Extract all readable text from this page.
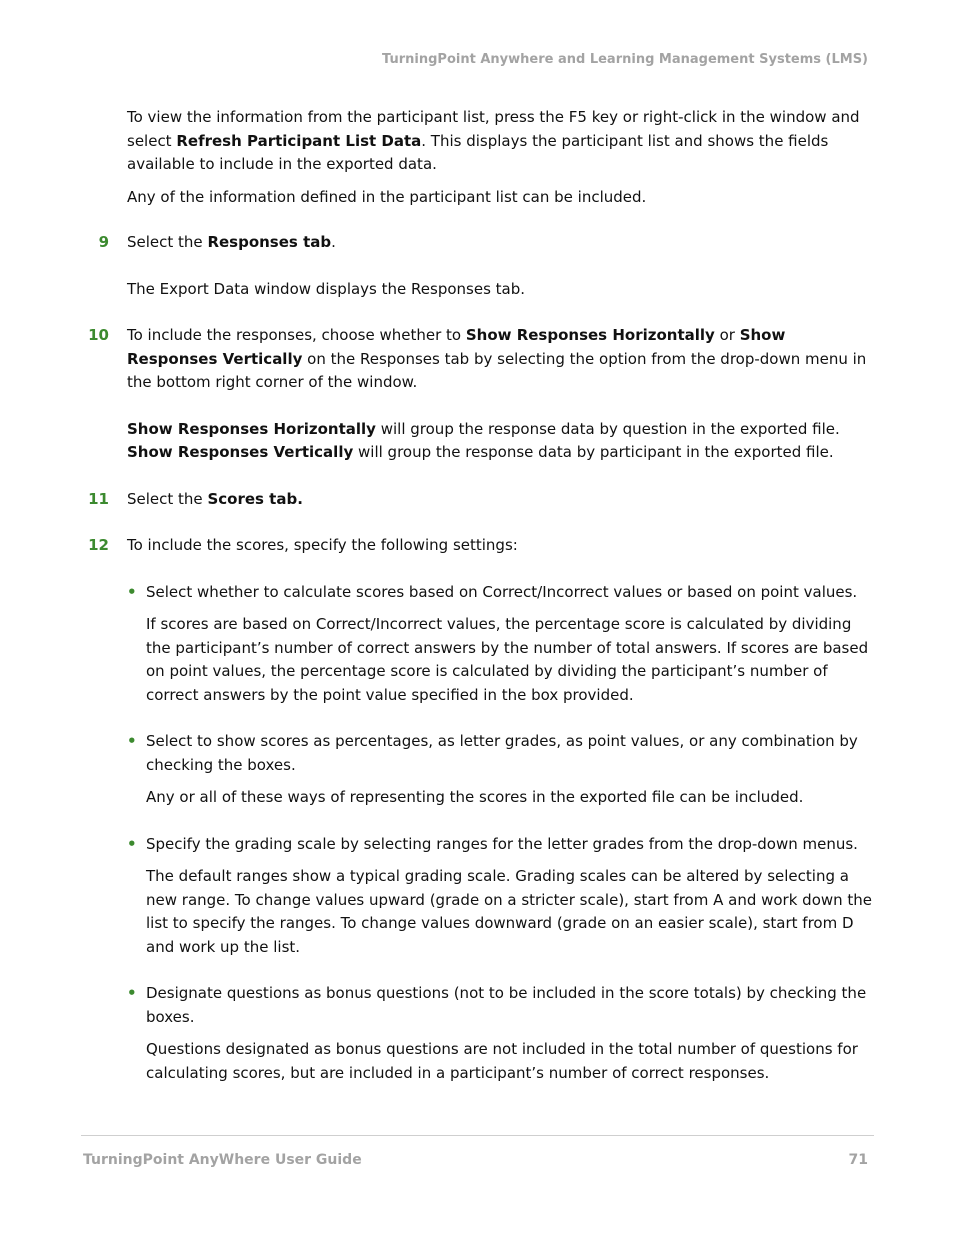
TurningPoint Anywhere and Learning Management Systems (LMS)

To view the information from the participant list, press the F5 key or right-click in the window and select Refresh Participant List Data. This displays the participant list and shows the fields available to include in the exported data.

Any of the information defined in the participant list can be included.

9 Select the Responses tab.

The Export Data window displays the Responses tab.

10 To include the responses, choose whether to Show Responses Horizontally or Show Responses Vertically on the Responses tab by selecting the option from the drop-down menu in the bottom right corner of the window.

Show Responses Horizontally will group the response data by question in the exported file. Show Responses Vertically will group the response data by participant in the exported file.

11 Select the Scores tab.

12 To include the scores, specify the following settings:

• Select whether to calculate scores based on Correct/Incorrect values or based on point values.

If scores are based on Correct/Incorrect values, the percentage score is calculated by dividing the participant’s number of correct answers by the number of total answers. If scores are based on point values, the percentage score is calculated by dividing the participant’s number of correct answers by the point value specified in the box provided.

• Select to show scores as percentages, as letter grades, as point values, or any combination by checking the boxes.

Any or all of these ways of representing the scores in the exported file can be included.

• Specify the grading scale by selecting ranges for the letter grades from the drop-down menus.

The default ranges show a typical grading scale. Grading scales can be altered by selecting a new range. To change values upward (grade on a stricter scale), start from A and work down the list to specify the ranges. To change values downward (grade on an easier scale), start from D and work up the list.

• Designate questions as bonus questions (not to be included in the score totals) by checking the boxes.

Questions designated as bonus questions are not included in the total number of questions for calculating scores, but are included in a participant’s number of correct responses.

TurningPoint AnyWhere User Guide	71
